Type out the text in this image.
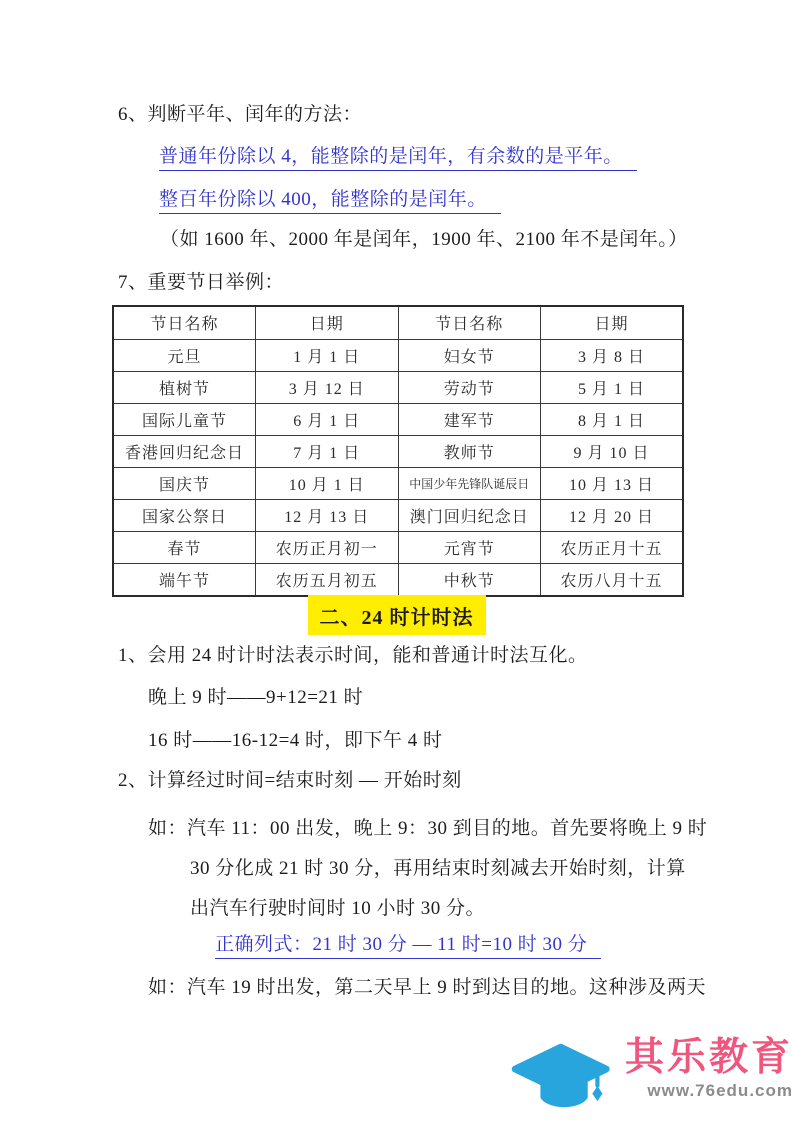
6、判断平年、闰年的方法：
普通年份除以 4，能整除的是闰年，有余数的是平年。
整百年份除以 400，能整除的是闰年。
（如 1600 年、2000 年是闰年，1900 年、2100 年不是闰年。）
7、重要节日举例：
节日名称	日期	节日名称	日期
元旦	1 月 1 日	妇女节	3 月 8 日
植树节	3 月 12 日	劳动节	5 月 1 日
国际儿童节	6 月 1 日	建军节	8 月 1 日
香港回归纪念日	7 月 1 日	教师节	9 月 10 日
国庆节	10 月 1 日	中国少年先锋队诞辰日	10 月 13 日
国家公祭日	12 月 13 日	澳门回归纪念日	12 月 20 日
春节	农历正月初一	元宵节	农历正月十五
端午节	农历五月初五	中秋节	农历八月十五
二、24 时计时法
1、会用 24 时计时法表示时间，能和普通计时法互化。
晚上 9 时——9+12=21 时
16 时——16-12=4 时，即下午 4 时
2、计算经过时间=结束时刻 — 开始时刻
如：汽车 11：00 出发，晚上 9：30 到目的地。首先要将晚上 9 时
30 分化成 21 时 30 分，再用结束时刻减去开始时刻，计算
出汽车行驶时间时 10 小时 30 分。
正确列式：21 时 30 分 — 11 时=10 时 30 分
如：汽车 19 时出发，第二天早上 9 时到达目的地。这种涉及两天
其乐教育
www.76edu.com
